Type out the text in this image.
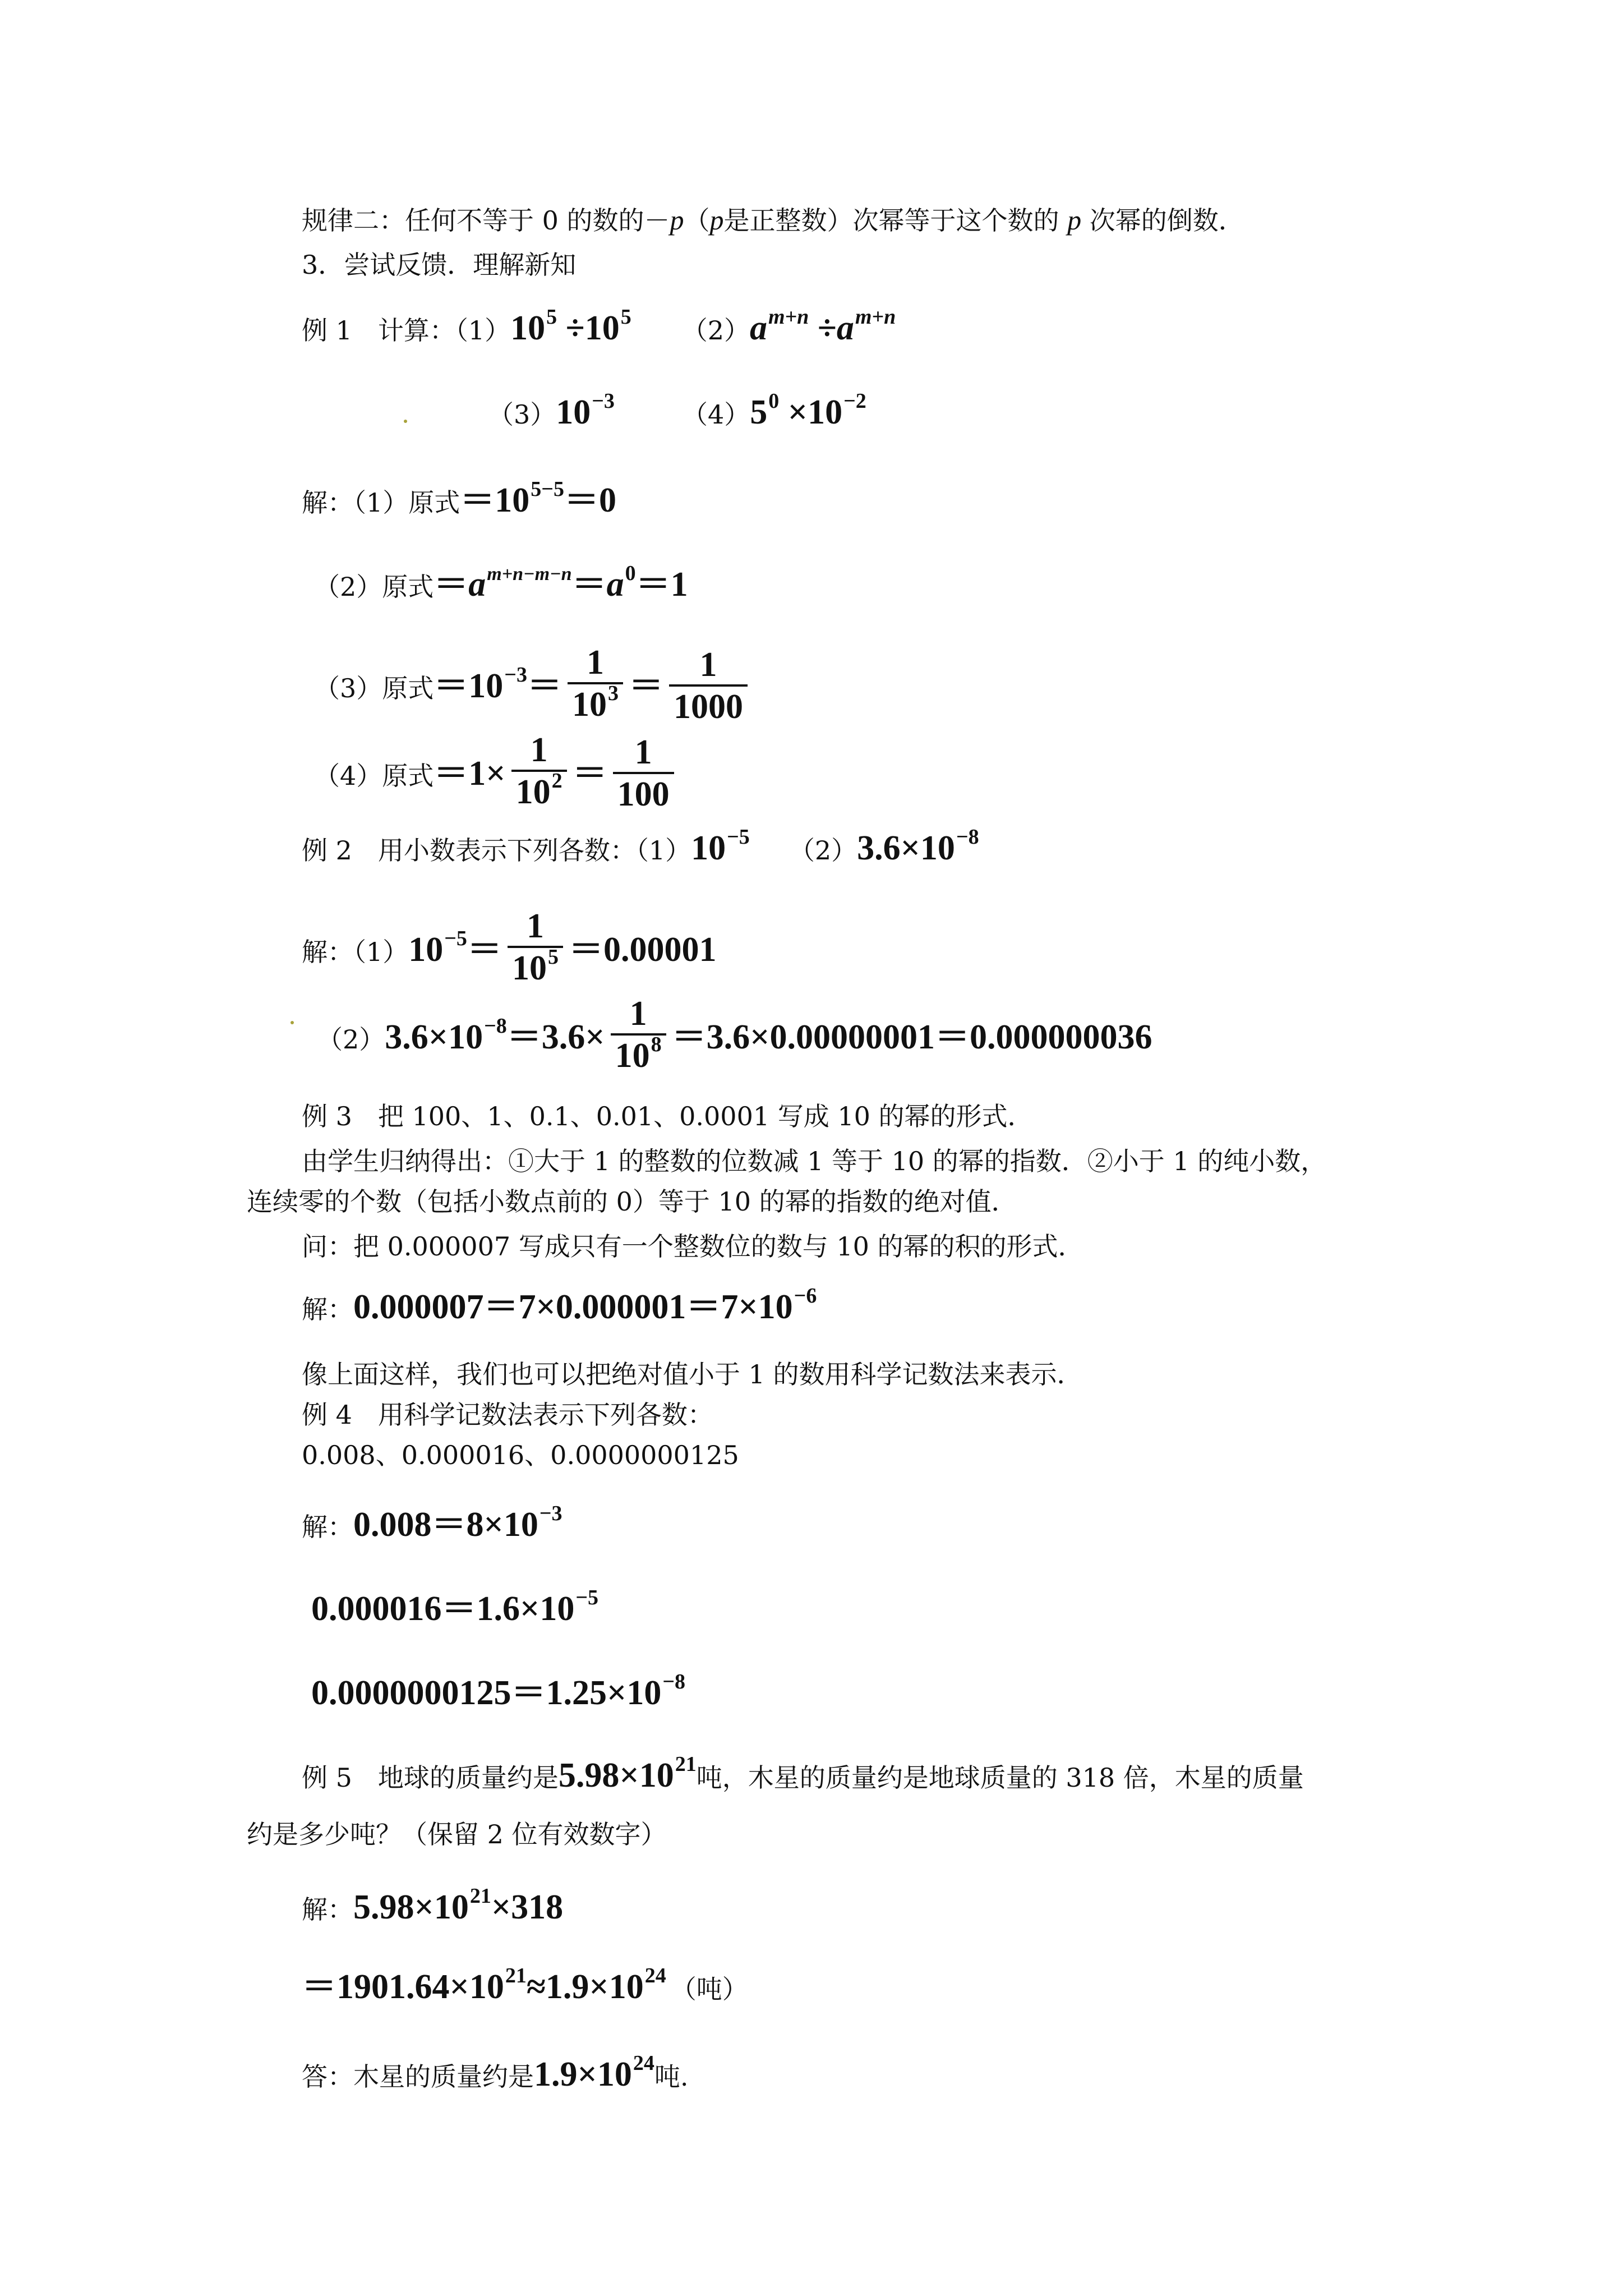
规律二：任何不等于 0 的数的－p（p是正整数）次幂等于这个数的 p 次幂的倒数．
3．尝试反馈．理解新知
例 1　计算：$(1)10^5 \div 10^5$ $(2)a^{m+n} \div a^{m+n}$
$(3)10^{-3}$	$(4)5^0 \times 10^{-2}$
解：（1）原式$=10^{5-5}=0$
（2）原式$=a^{m+n-m-n}=a^0=1$
（3）原式$=10^{-3}= \frac{1}{10^3} = \frac{1}{1000}$
（4）原式$=1\times \frac{1}{10^2} = \frac{1}{100}$
例 2　用小数表示下列各数：$(1)10^{-5}$ $(2)3.6\times 10^{-8}$
解：$(1)10^{-5}= \frac{1}{10^5} =0.00001$
$(2)3.6\times 10^{-8}=3.6\times \frac{1}{10^8} =3.6\times 0.00000001=0.000000036$
例 3　把 100、1、0.1、0.01、0.0001 写成 10 的幂的形式．
由学生归纳得出：①大于 1 的整数的位数减 1 等于 10 的幂的指数．②小于 1 的纯小数，
连续零的个数（包括小数点前的 0）等于 10 的幂的指数的绝对值．
问：把 0.000007 写成只有一个整数位的数与 10 的幂的积的形式．
解：$0.000007=7\times 0.000001=7\times 10^{-6}$
像上面这样，我们也可以把绝对值小于 1 的数用科学记数法来表示．
例 4　用科学记数法表示下列各数：
0.008、0.000016、0.0000000125
解：$0.008=8\times 10^{-3}$
$0.000016=1.6\times 10^{-5}$
$0.0000000125=1.25\times 10^{-8}$
例 5　地球的质量约是$5.98\times 10^{21}$吨，木星的质量约是地球质量的 318 倍，木星的质量
约是多少吨？（保留 2 位有效数字）
解：$5.98\times 10^{21}\times 318$
$=1901.64\times 10^{21}\approx 1.9\times 10^{24}$ （吨）
答：木星的质量约是$1.9\times 10^{24}$吨.
